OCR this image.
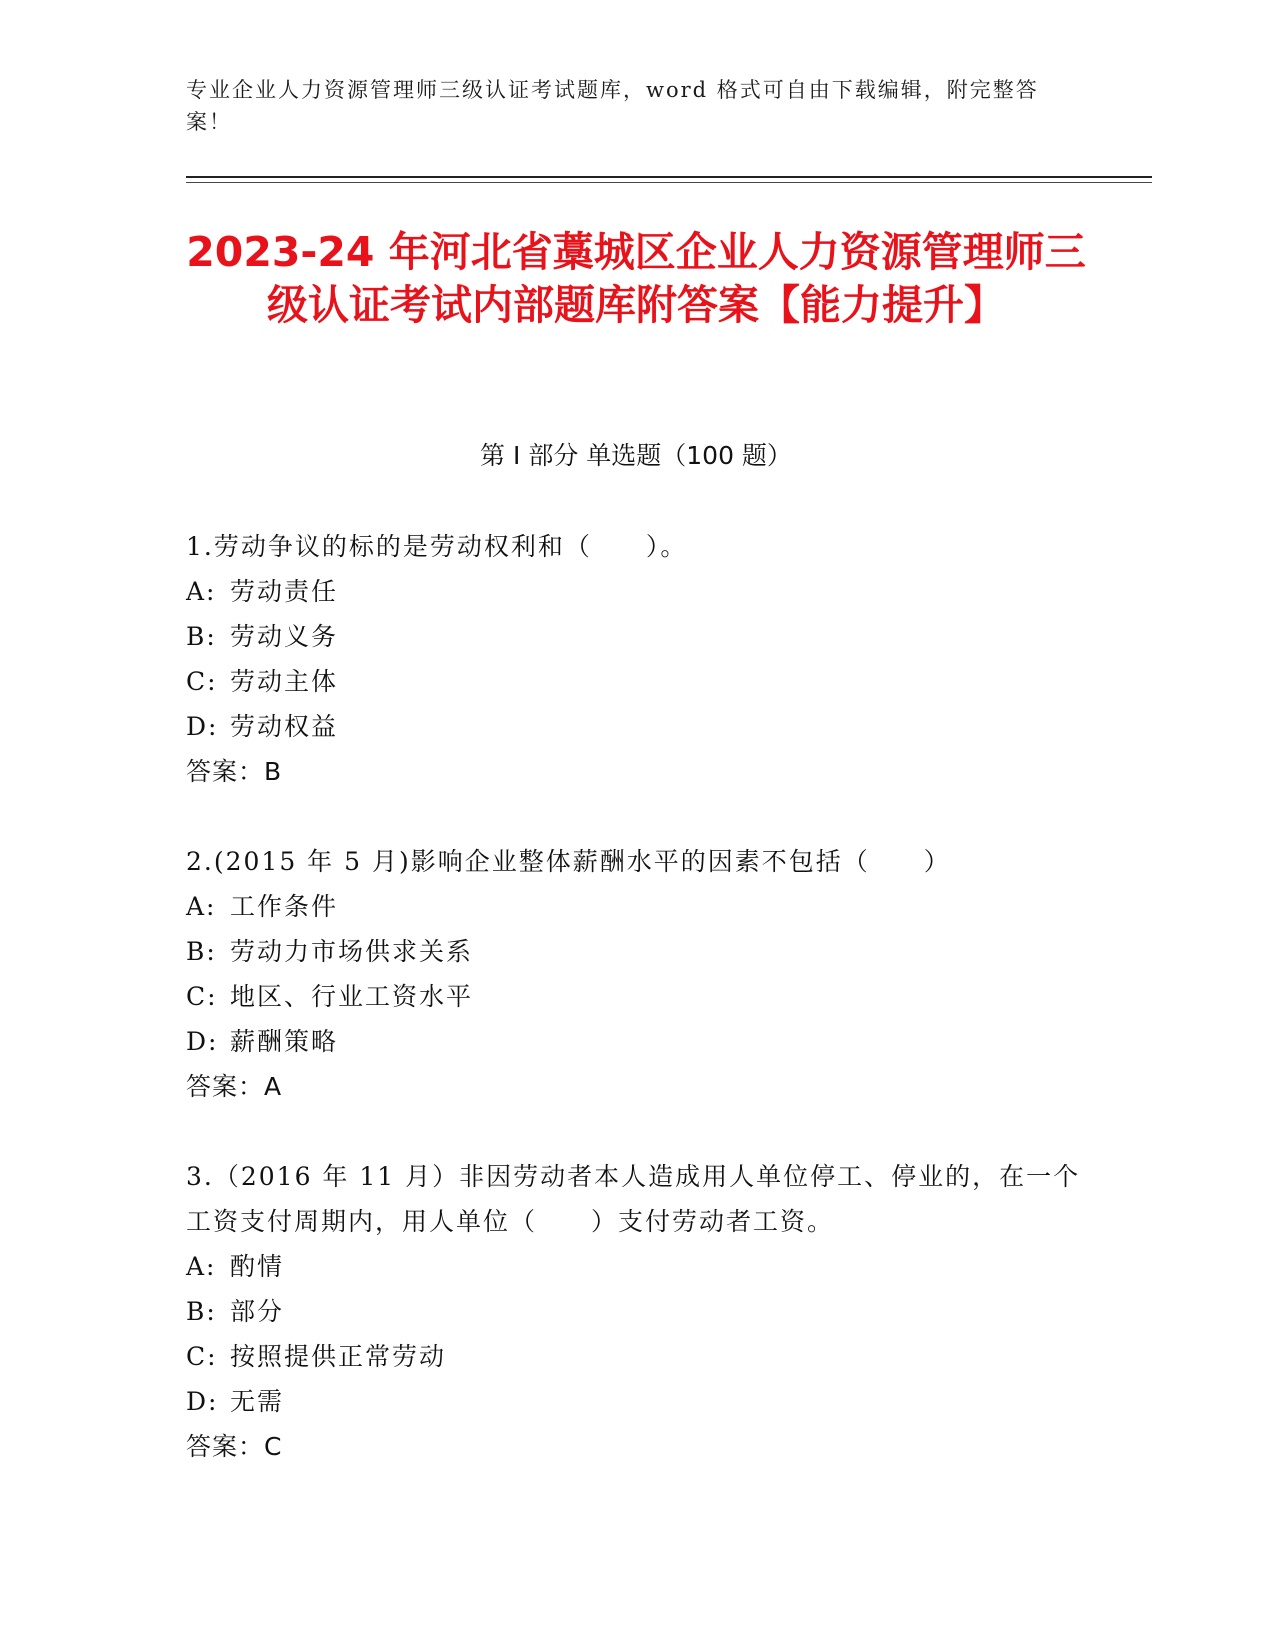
专业企业人力资源管理师三级认证考试题库，word 格式可自由下载编辑，附完整答案！
2023-24 年河北省藁城区企业人力资源管理师三级认证考试内部题库附答案【能力提升】
第 I 部分 单选题（100 题）
1.劳动争议的标的是劳动权利和（　　）。
A: 劳动责任
B: 劳动义务
C: 劳动主体
D: 劳动权益
答案：B
2.(2015 年 5 月)影响企业整体薪酬水平的因素不包括（　　）
A: 工作条件
B: 劳动力市场供求关系
C: 地区、行业工资水平
D: 薪酬策略
答案：A
3.（2016 年 11 月）非因劳动者本人造成用人单位停工、停业的，在一个工资支付周期内，用人单位（　　）支付劳动者工资。
A: 酌情
B: 部分
C: 按照提供正常劳动
D: 无需
答案：C
